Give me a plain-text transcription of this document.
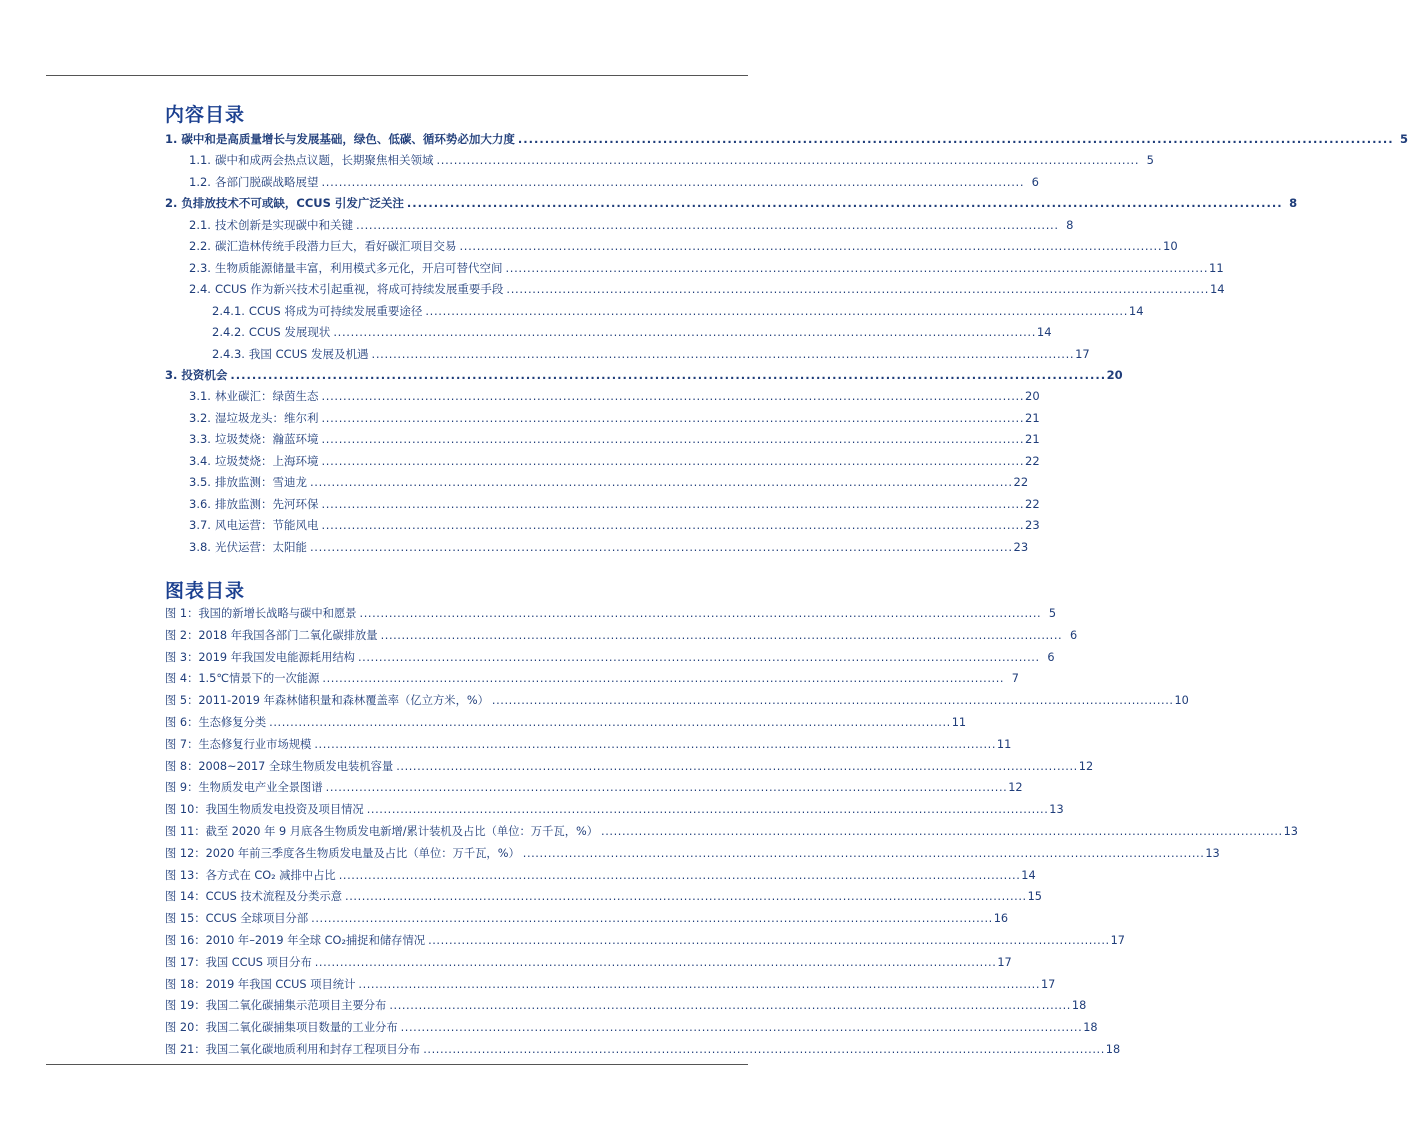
内容目录
1. 碳中和是高质量增长与发展基础，绿色、低碳、循环势必加大力度 . . .	5
1.1. 碳中和成两会热点议题，长期聚焦相关领域 . . .	5
1.2. 各部门脱碳战略展望 . . .	6
2. 负排放技术不可或缺，CCUS 引发广泛关注 . . .	8
2.1. 技术创新是实现碳中和关键 . . .	8
2.2. 碳汇造林传统手段潜力巨大，看好碳汇项目交易 . . .	10
2.3. 生物质能源储量丰富，利用模式多元化，开启可替代空间 . . .	11
2.4. CCUS 作为新兴技术引起重视，将成可持续发展重要手段 . . .	14
2.4.1. CCUS 将成为可持续发展重要途径 . . .	14
2.4.2. CCUS 发展现状 . . .	14
2.4.3. 我国 CCUS 发展及机遇 . . .	17
3. 投资机会 . . .	20
3.1. 林业碳汇：绿茵生态 . . .	20
3.2. 湿垃圾龙头：维尔利 . . .	21
3.3. 垃圾焚烧：瀚蓝环境 . . .	21
3.4. 垃圾焚烧：上海环境 . . .	22
3.5. 排放监测：雪迪龙 . . .	22
3.6. 排放监测：先河环保 . . .	22
3.7. 风电运营：节能风电 . . .	23
3.8. 光伏运营：太阳能 . . .	23
图表目录
图 1： 我国的新增长战略与碳中和愿景 . . .	5
图 2： 2018 年我国各部门二氧化碳排放量 . . .	6
图 3： 2019 年我国发电能源耗用结构 . . .	6
图 4： 1.5℃情景下的一次能源 . . .	7
图 5： 2011-2019 年森林储积量和森林覆盖率（亿立方米，%） . . .	10
图 6： 生态修复分类 . . .	11
图 7： 生态修复行业市场规模 . . .	11
图 8： 2008~2017 全球生物质发电装机容量 . . .	12
图 9： 生物质发电产业全景图谱 . . .	12
图 10： 我国生物质发电投资及项目情况 . . .	13
图 11： 截至 2020 年 9 月底各生物质发电新增/累计装机及占比（单位：万千瓦，%） . . .	13
图 12： 2020 年前三季度各生物质发电量及占比（单位：万千瓦，%） . . .	13
图 13： 各方式在 CO₂ 减排中占比 . . .	14
图 14： CCUS 技术流程及分类示意 . . .	15
图 15： CCUS 全球项目分部 . . .	16
图 16： 2010 年–2019 年全球 CO₂捕捉和储存情况 . . .	17
图 17： 我国 CCUS 项目分布 . . .	17
图 18： 2019 年我国 CCUS 项目统计 . . .	17
图 19： 我国二氧化碳捕集示范项目主要分布 . . .	18
图 20： 我国二氧化碳捕集项目数量的工业分布 . . .	18
图 21： 我国二氧化碳地质利用和封存工程项目分布 . . .	18
